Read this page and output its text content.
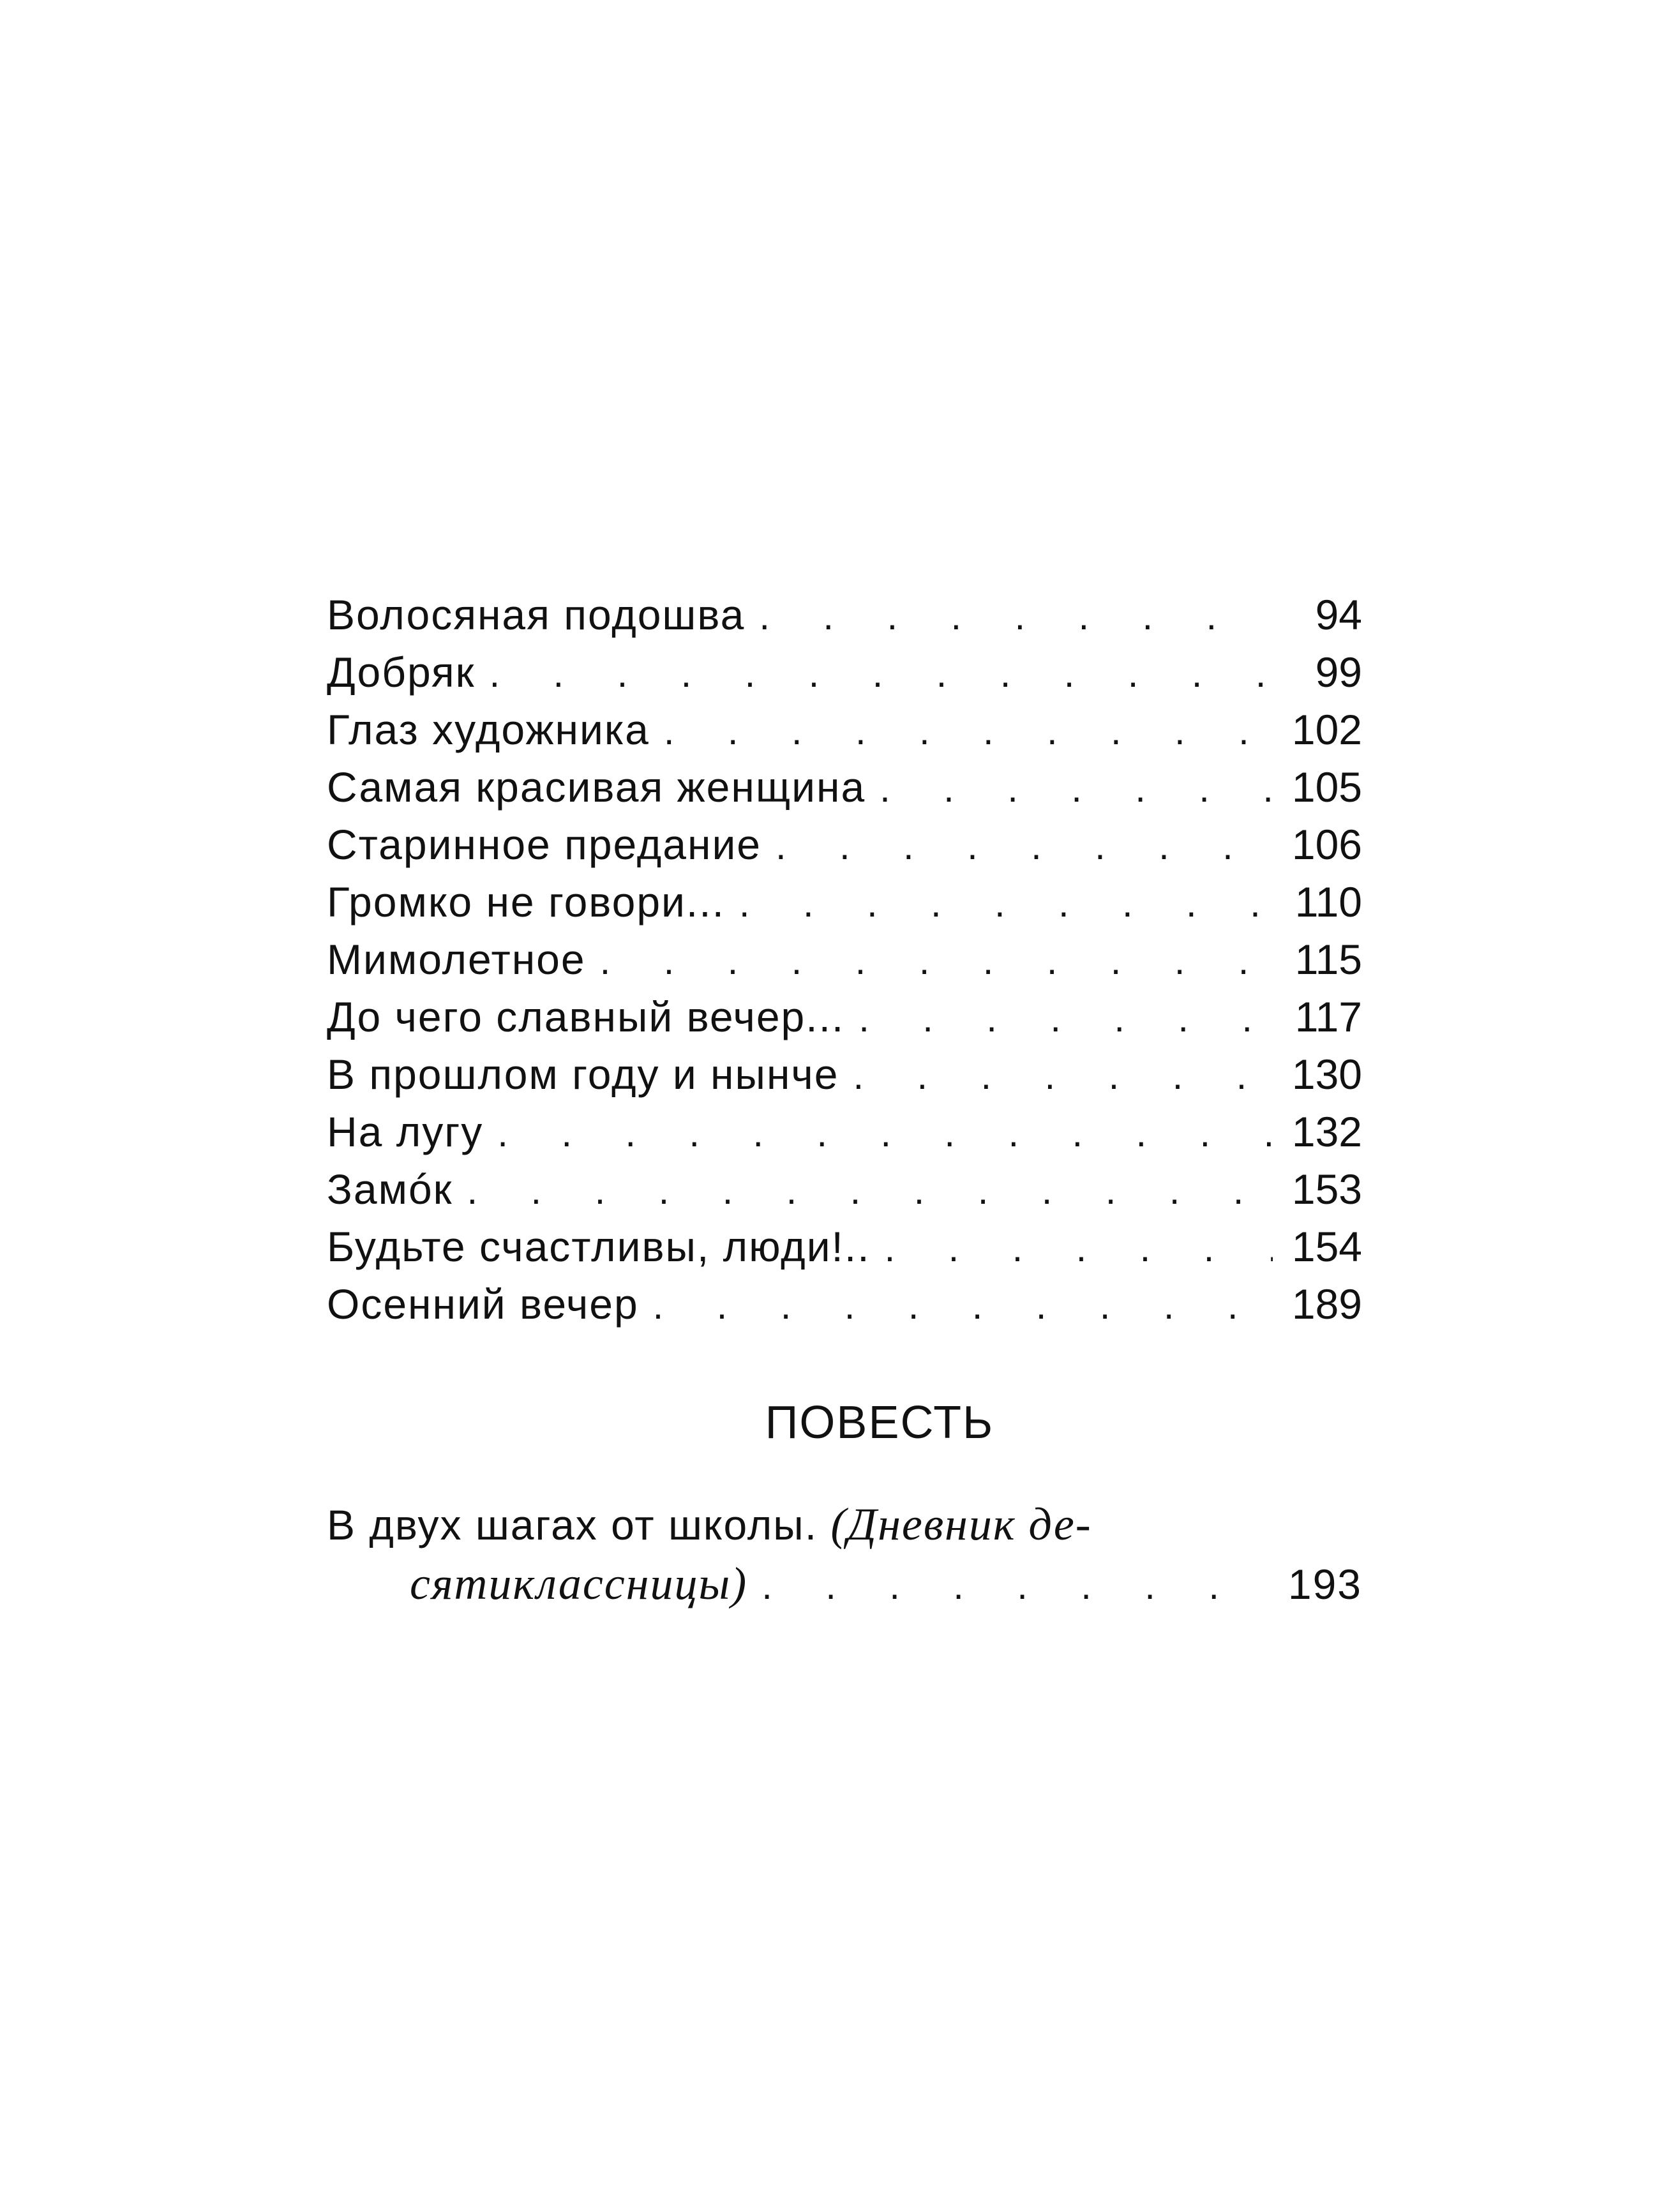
Волосяная подошва .	94
Добряк .	99
Глаз художника .	102
Самая красивая женщина .	105
Старинное предание .	106
Громко не говори... .	110
Мимолетное .	115
До чего славный вечер... .	117
В прошлом году и нынче .	130
На лугу .	132
Замóк .	153
Будьте счастливы, люди!.. .	154
Осенний вечер .	189
ПОВЕСТЬ
В двух шагах от школы. (Дневник де-
сятиклассницы) .	193
